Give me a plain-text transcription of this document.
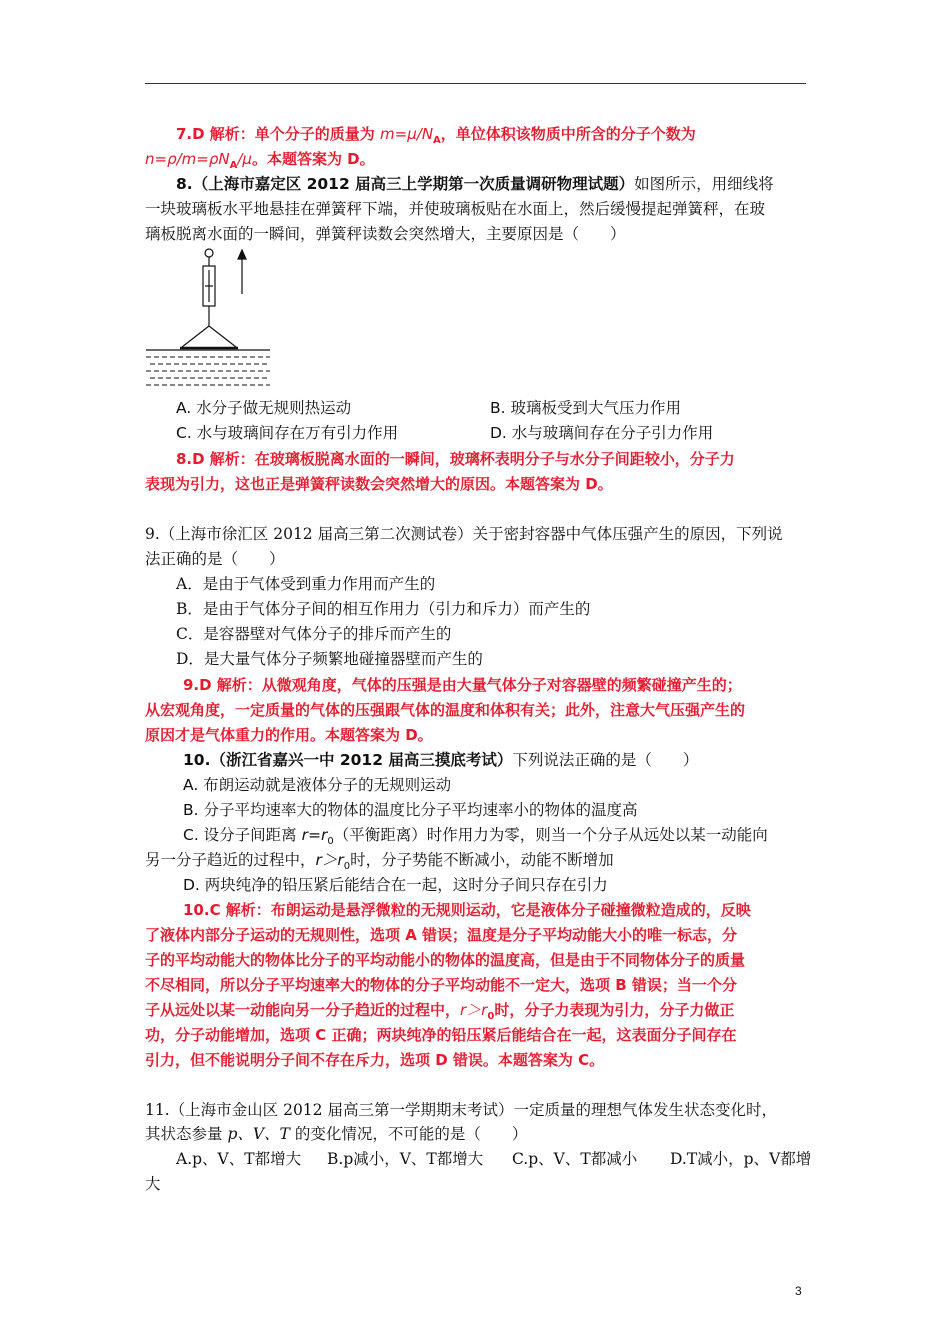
7.D 解析：单个分子的质量为 $m=\mu/N_A$，单位体积该物质中所含的分子个数为
$n=\rho/m=\rho N_A/\mu$。本题答案为 D。
8.（上海市嘉定区 2012 届高三上学期第一次质量调研物理试题）如图所示，用细线将
一块玻璃板水平地悬挂在弹簧秤下端，并使玻璃板贴在水面上，然后缓慢提起弹簧秤，在玻
璃板脱离水面的一瞬间，弹簧秤读数会突然增大，主要原因是（　　）
A. 水分子做无规则热运动	B. 玻璃板受到大气压力作用
C. 水与玻璃间存在万有引力作用	D. 水与玻璃间存在分子引力作用
8.D 解析：在玻璃板脱离水面的一瞬间，玻璃杯表明分子与水分子间距较小，分子力
表现为引力，这也正是弹簧秤读数会突然增大的原因。本题答案为 D。
9.（上海市徐汇区 2012 届高三第二次测试卷）关于密封容器中气体压强产生的原因，下列说
法正确的是（　　）
A．是由于气体受到重力作用而产生的
B．是由于气体分子间的相互作用力（引力和斥力）而产生的
C．是容器壁对气体分子的排斥而产生的
D．是大量气体分子频繁地碰撞器壁而产生的
9.D 解析：从微观角度，气体的压强是由大量气体分子对容器壁的频繁碰撞产生的；
从宏观角度，一定质量的气体的压强跟气体的温度和体积有关；此外，注意大气压强产生的
原因才是气体重力的作用。本题答案为 D。
10.（浙江省嘉兴一中 2012 届高三摸底考试）下列说法正确的是（　　）
A. 布朗运动就是液体分子的无规则运动
B. 分子平均速率大的物体的温度比分子平均速率小的物体的温度高
C. 设分子间距离 $r=r_0$（平衡距离）时作用力为零，则当一个分子从远处以某一动能向
另一分子趋近的过程中，$r>r_0$时，分子势能不断减小，动能不断增加
D. 两块纯净的铅压紧后能结合在一起，这时分子间只存在引力
10.C 解析：布朗运动是悬浮微粒的无规则运动，它是液体分子碰撞微粒造成的，反映
了液体内部分子运动的无规则性，选项 A 错误；温度是分子平均动能大小的唯一标志，分
子的平均动能大的物体比分子的平均动能小的物体的温度高，但是由于不同物体分子的质量
不尽相同，所以分子平均速率大的物体的分子平均动能不一定大，选项 B 错误；当一个分
子从远处以某一动能向另一分子趋近的过程中，$r>r_0$时，分子力表现为引力，分子力做正
功，分子动能增加，选项 C 正确；两块纯净的铅压紧后能结合在一起，这表面分子间存在
引力，但不能说明分子间不存在斥力，选项 D 错误。本题答案为 C。
11.（上海市金山区 2012 届高三第一学期期末考试）一定质量的理想气体发生状态变化时，
其状态参量 p、V、T 的变化情况，不可能的是（　　）
A.p、V、T都增大 B.p减小，V、T都增大 C.p、V、T都减小 D.T减小，p、V都增
大
3
